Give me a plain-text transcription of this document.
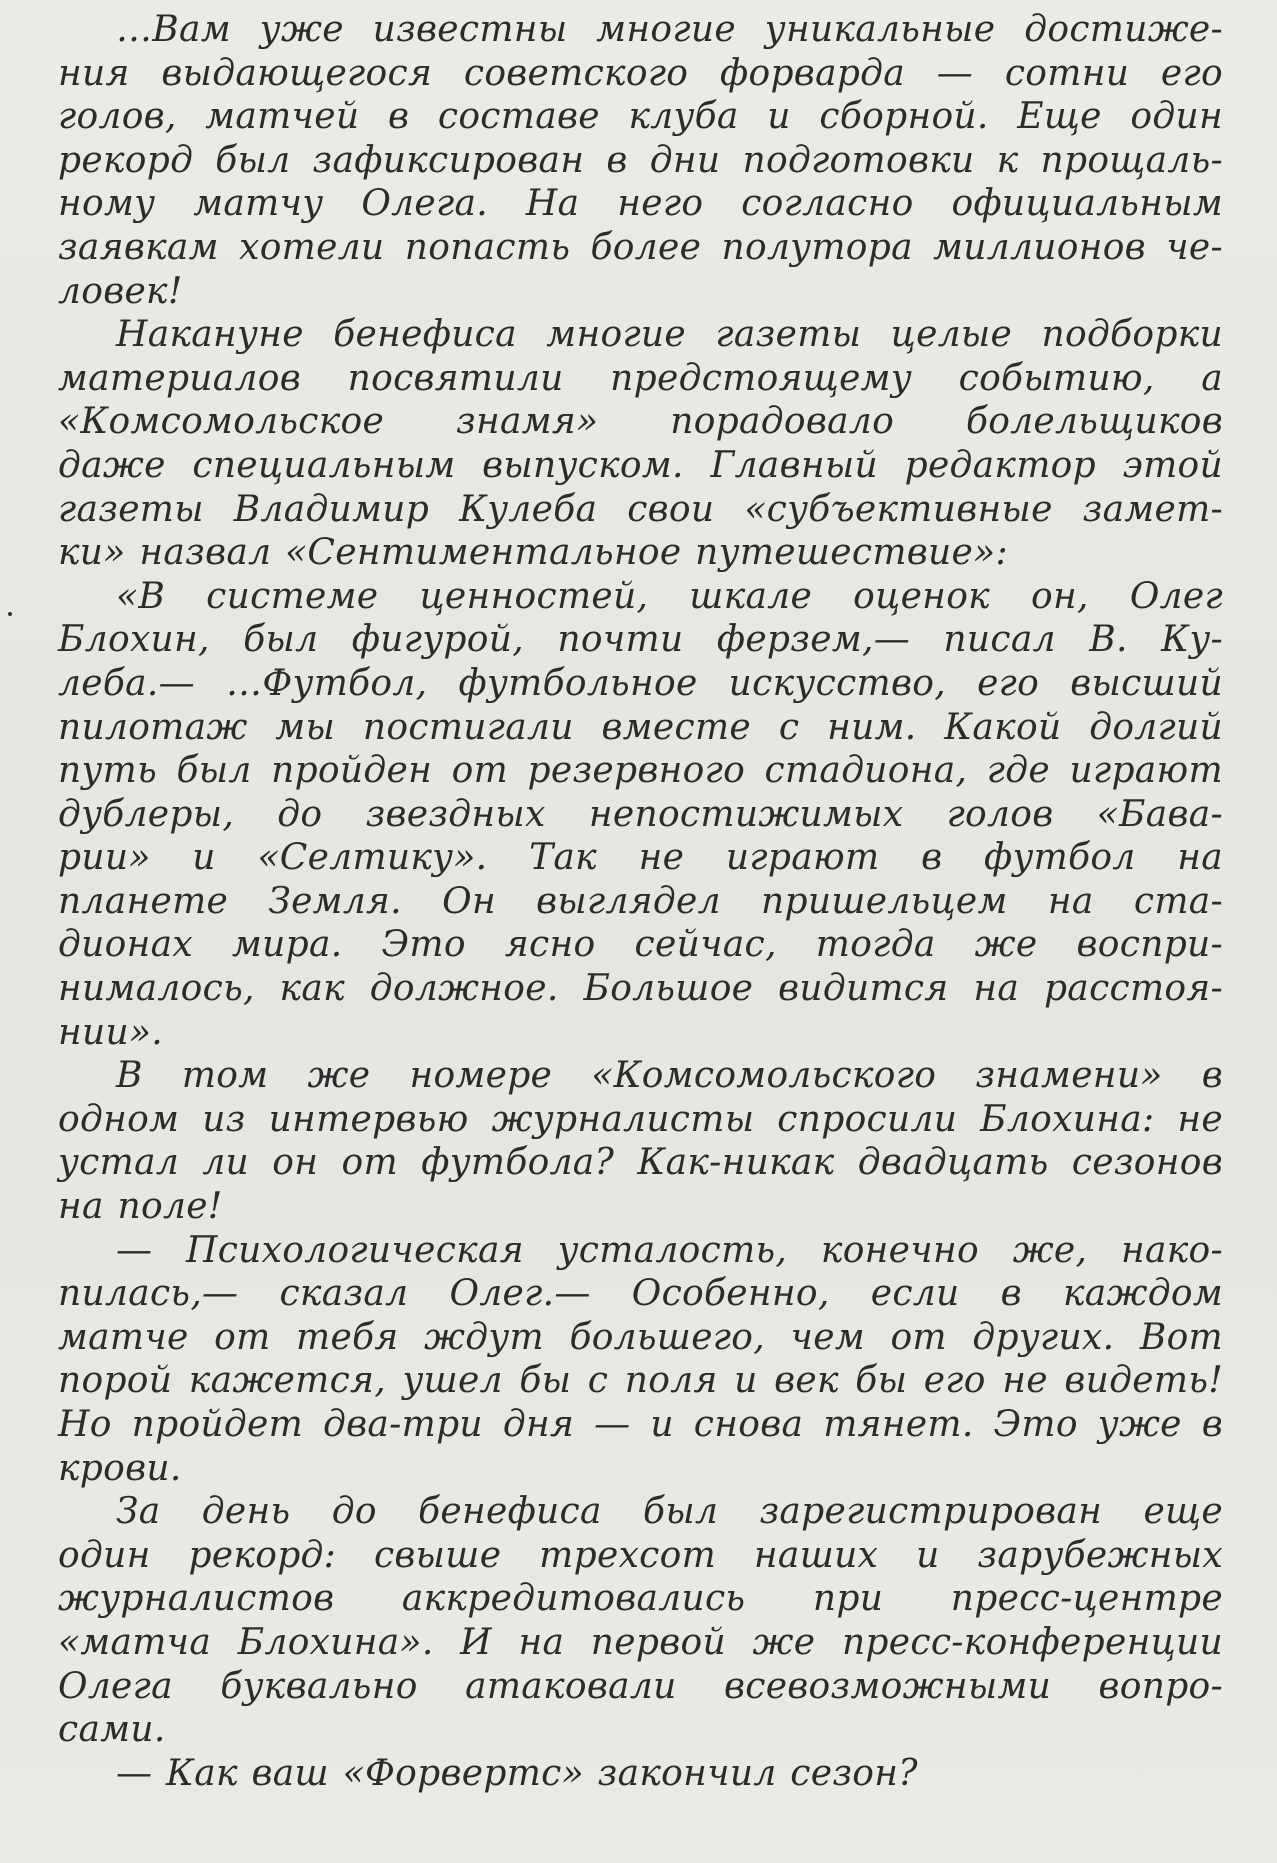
…Вам уже известны многие уникальные достиже-
ния выдающегося советского форварда — сотни его
голов, матчей в составе клуба и сборной. Еще один
рекорд был зафиксирован в дни подготовки к прощаль-
ному матчу Олега. На него согласно официальным
заявкам хотели попасть более полутора миллионов че-
ловек!
Накануне бенефиса многие газеты целые подборки
материалов посвятили предстоящему событию, а
«Комсомольское знамя» порадовало болельщиков
даже специальным выпуском. Главный редактор этой
газеты Владимир Кулеба свои «субъективные замет-
ки» назвал «Сентиментальное путешествие»:
«В системе ценностей, шкале оценок он, Олег
Блохин, был фигурой, почти ферзем,— писал В. Ку-
леба.— …Футбол, футбольное искусство, его высший
пилотаж мы постигали вместе с ним. Какой долгий
путь был пройден от резервного стадиона, где играют
дублеры, до звездных непостижимых голов «Бава-
рии» и «Селтику». Так не играют в футбол на
планете Земля. Он выглядел пришельцем на ста-
дионах мира. Это ясно сейчас, тогда же воспри-
нималось, как должное. Большое видится на расстоя-
нии».
В том же номере «Комсомольского знамени» в
одном из интервью журналисты спросили Блохина: не
устал ли он от футбола? Как-никак двадцать сезонов
на поле!
— Психологическая усталость, конечно же, нако-
пилась,— сказал Олег.— Особенно, если в каждом
матче от тебя ждут большего, чем от других. Вот
порой кажется, ушел бы с поля и век бы его не видеть!
Но пройдет два-три дня — и снова тянет. Это уже в
крови.
За день до бенефиса был зарегистрирован еще
один рекорд: свыше трехсот наших и зарубежных
журналистов аккредитовались при пресс-центре
«матча Блохина». И на первой же пресс-конференции
Олега буквально атаковали всевозможными вопро-
сами.
— Как ваш «Форвертс» закончил сезон?
